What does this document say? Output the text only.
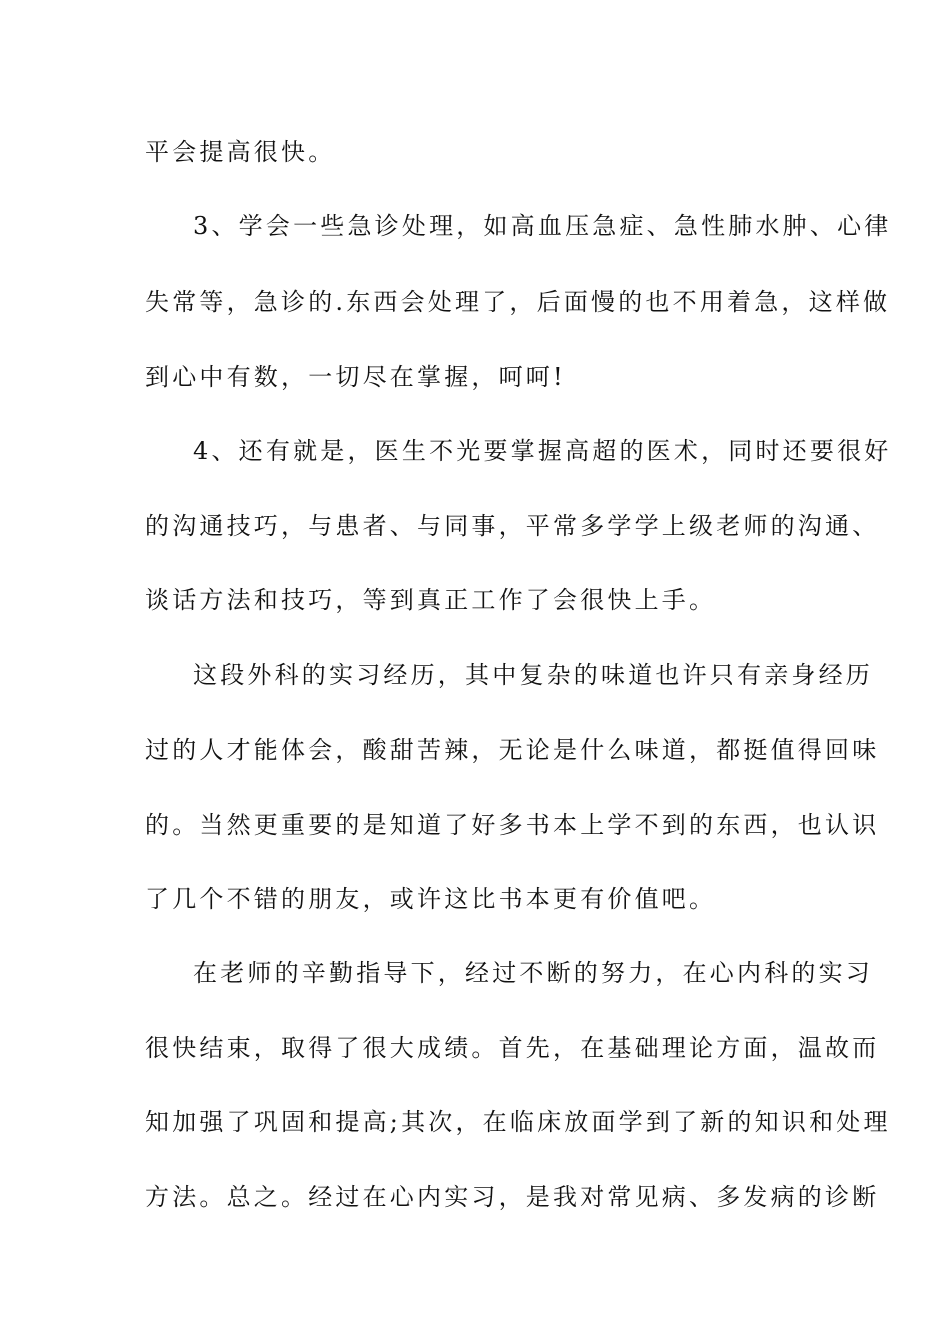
平会提高很快。
3、学会一些急诊处理，如高血压急症、急性肺水肿、心律
失常等，急诊的.东西会处理了，后面慢的也不用着急，这样做
到心中有数，一切尽在掌握，呵呵!
4、还有就是，医生不光要掌握高超的医术，同时还要很好
的沟通技巧，与患者、与同事，平常多学学上级老师的沟通、
谈话方法和技巧，等到真正工作了会很快上手。
这段外科的实习经历，其中复杂的味道也许只有亲身经历
过的人才能体会，酸甜苦辣，无论是什么味道，都挺值得回味
的。当然更重要的是知道了好多书本上学不到的东西，也认识
了几个不错的朋友，或许这比书本更有价值吧。
在老师的辛勤指导下，经过不断的努力，在心内科的实习
很快结束，取得了很大成绩。首先，在基础理论方面，温故而
知加强了巩固和提高;其次，在临床放面学到了新的知识和处理
方法。总之。经过在心内实习，是我对常见病、多发病的诊断
